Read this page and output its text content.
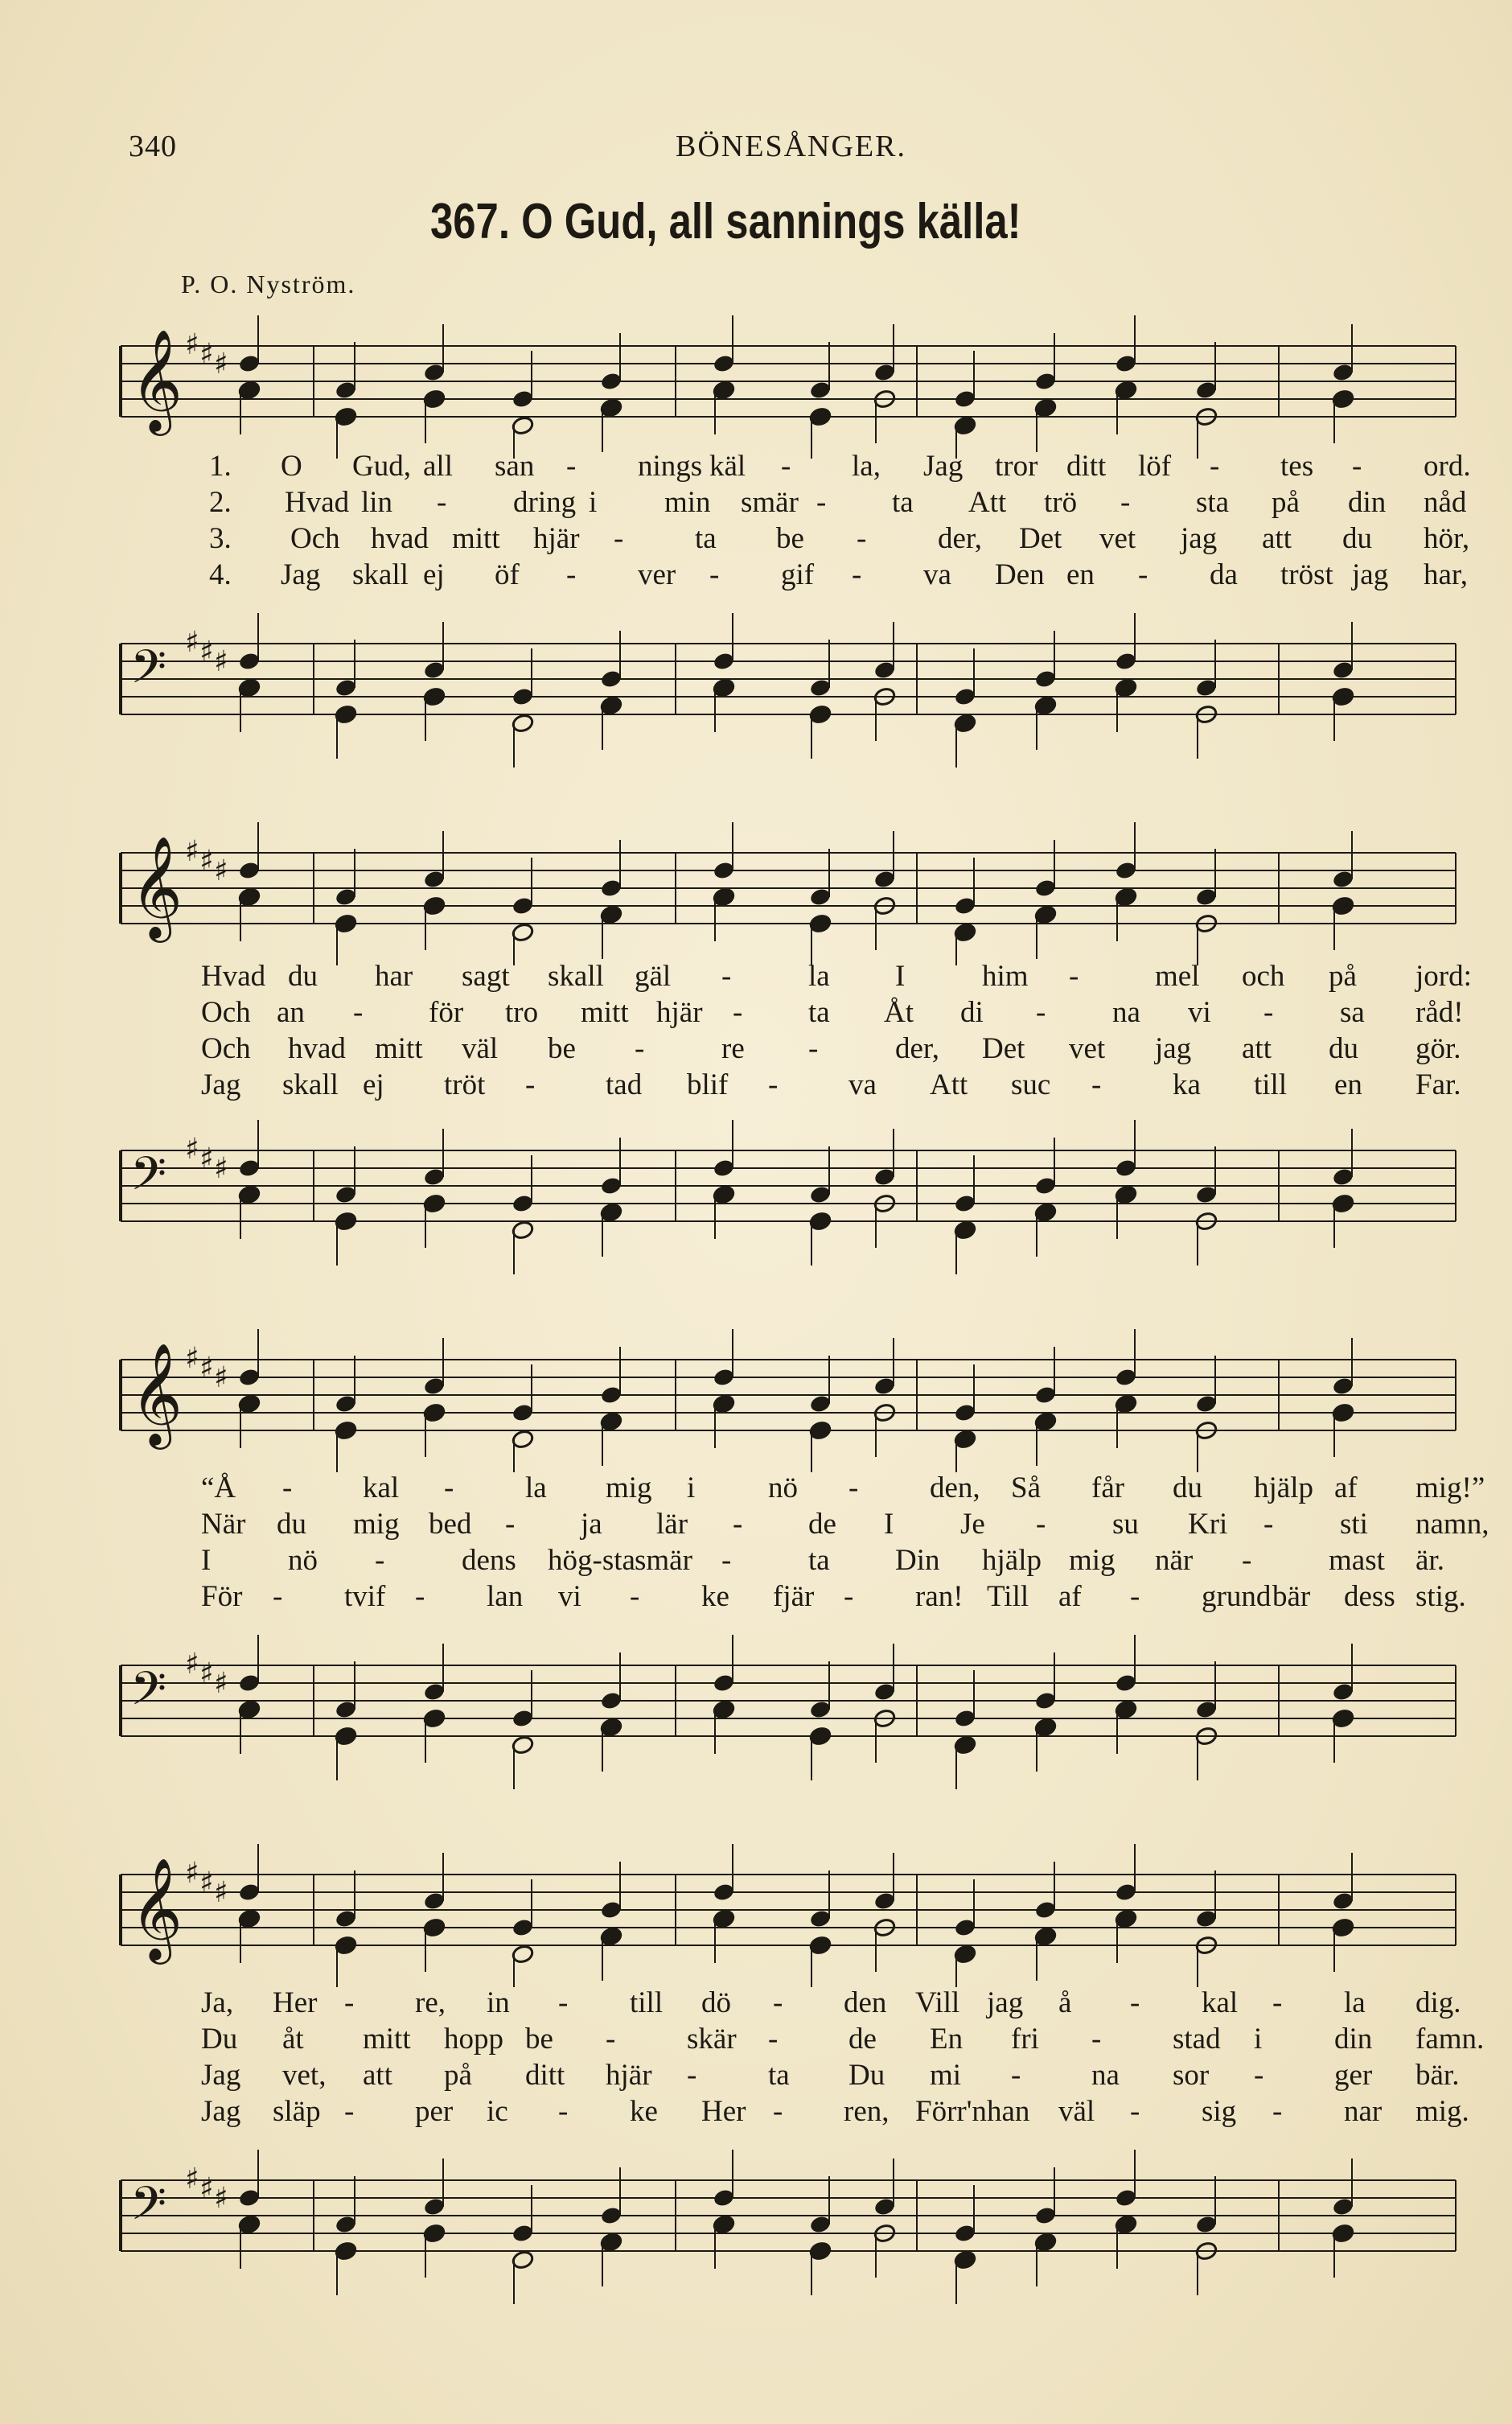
340	BÖNESÅNGER.
367. O Gud, all sannings källa!
P. O. Nyström.
𝄞 ♯ ♯ ♯
1. O Gud, all san - nings käl - la, Jag tror ditt löf - tes - ord.
2. Hvad lin - dring i min smär - ta Att trö - sta på din nåd
3. Och hvad mitt hjär - ta be - der, Det vet jag att du hör,
4. Jag skall ej öf - ver - gif - va Den en - da tröst jag har,
𝄢 ♯ ♯ ♯
𝄞 ♯ ♯ ♯
Hvad du har sagt skall gäl -	la I	him -	mel och på jord:
Och an - för tro mitt hjär - ta Åt di - na vi - sa råd!
Och hvad mitt väl be -	re -	der, Det vet jag att du gör.
Jag skall ej tröt - tad blif - va Att suc - ka till en Far.
𝄢 ♯ ♯ ♯
𝄞 ♯ ♯ ♯
“Å - kal - la mig i nö - den, Så får du hjälp af mig!”
När du mig bed - ja lär - de I Je - su Kri - sti namn,
I	nö -	dens hög-sta smär -	ta Din hjälp mig när -	mast är.
För - tvif - lan vi - ke fjär - ran! Till af - grund bär dess stig.
𝄢 ♯ ♯ ♯
𝄞 ♯ ♯ ♯
Ja, Her - re, in - till dö - den Vill jag å - kal - la dig.
Du åt mitt hopp be - skär - de En fri - stad i din famn.
Jag vet, att på ditt hjär - ta Du mi - na sor - ger bär.
Jag släp - per ic - ke Her - ren, Förr'n han väl - sig - nar mig.
𝄢 ♯ ♯ ♯
